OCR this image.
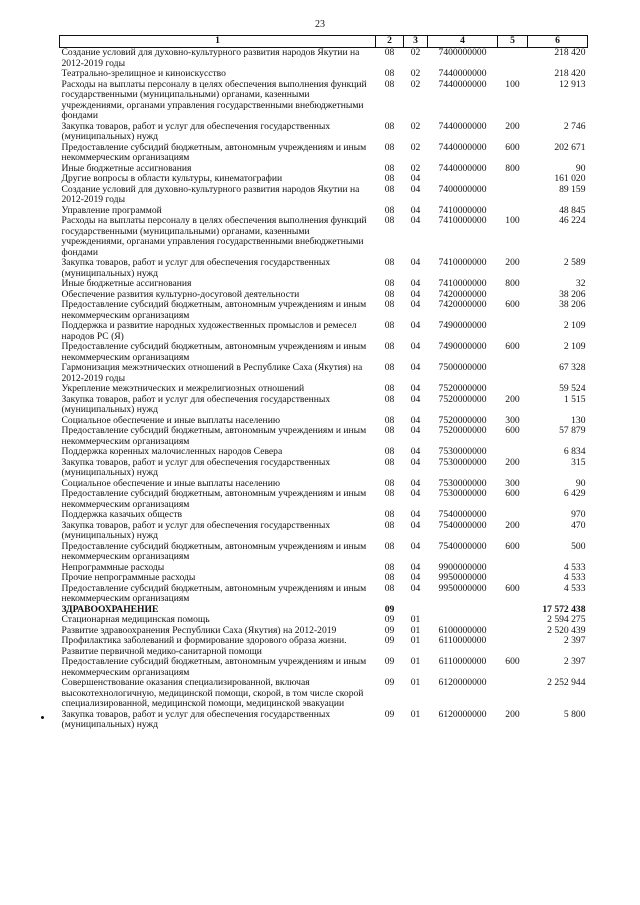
23
1	2	3	4	5	6
Создание условий для духовно-культурного развития народов Якутии на 2012-2019 годы	08	02	7400000000		218 420
Театрально-зрелищное и киноискусство	08	02	7440000000		218 420
Расходы на выплаты персоналу в целях обеспечения выполнения функций государственными (муниципальными) органами, казенными учреждениями, органами управления государственными внебюджетными фондами	08	02	7440000000	100	12 913
Закупка товаров, работ и услуг для обеспечения государственных (муниципальных) нужд	08	02	7440000000	200	2 746
Предоставление субсидий бюджетным, автономным учреждениям и иным некоммерческим организациям	08	02	7440000000	600	202 671
Иные бюджетные ассигнования	08	02	7440000000	800	90
Другие вопросы в области культуры, кинематографии	08	04			161 020
Создание условий для духовно-культурного развития народов Якутии на 2012-2019 годы	08	04	7400000000		89 159
Управление программой	08	04	7410000000		48 845
Расходы на выплаты персоналу в целях обеспечения выполнения функций государственными (муниципальными) органами, казенными учреждениями, органами управления государственными внебюджетными фондами	08	04	7410000000	100	46 224
Закупка товаров, работ и услуг для обеспечения государственных (муниципальных) нужд	08	04	7410000000	200	2 589
Иные бюджетные ассигнования	08	04	7410000000	800	32
Обеспечение развития культурно-досуговой деятельности	08	04	7420000000		38 206
Предоставление субсидий бюджетным, автономным учреждениям и иным некоммерческим организациям	08	04	7420000000	600	38 206
Поддержка и развитие народных художественных промыслов и ремесел народов РС (Я)	08	04	7490000000		2 109
Предоставление субсидий бюджетным, автономным учреждениям и иным некоммерческим организациям	08	04	7490000000	600	2 109
Гармонизация межэтнических отношений в Республике Саха (Якутия) на 2012-2019 годы	08	04	7500000000		67 328
Укрепление межэтнических и межрелигиозных отношений	08	04	7520000000		59 524
Закупка товаров, работ и услуг для обеспечения государственных (муниципальных) нужд	08	04	7520000000	200	1 515
Социальное обеспечение и иные выплаты населению	08	04	7520000000	300	130
Предоставление субсидий бюджетным, автономным учреждениям и иным некоммерческим организациям	08	04	7520000000	600	57 879
Поддержка коренных малочисленных народов Севера	08	04	7530000000		6 834
Закупка товаров, работ и услуг для обеспечения государственных (муниципальных) нужд	08	04	7530000000	200	315
Социальное обеспечение и иные выплаты населению	08	04	7530000000	300	90
Предоставление субсидий бюджетным, автономным учреждениям и иным некоммерческим организациям	08	04	7530000000	600	6 429
Поддержка казачьих обществ	08	04	7540000000		970
Закупка товаров, работ и услуг для обеспечения государственных (муниципальных) нужд	08	04	7540000000	200	470
Предоставление субсидий бюджетным, автономным учреждениям и иным некоммерческим организациям	08	04	7540000000	600	500
Непрограммные расходы	08	04	9900000000		4 533
Прочие непрограммные расходы	08	04	9950000000		4 533
Предоставление субсидий бюджетным, автономным учреждениям и иным некоммерческим организациям	08	04	9950000000	600	4 533
ЗДРАВООХРАНЕНИЕ	09				17 572 438
Стационарная медицинская помощь	09	01			2 594 275
Развитие здравоохранения Республики Саха (Якутия) на 2012-2019	09	01	6100000000		2 520 439
Профилактика заболеваний и формирование здорового образа жизни. Развитие первичной медико-санитарной помощи	09	01	6110000000		2 397
Предоставление субсидий бюджетным, автономным учреждениям и иным некоммерческим организациям	09	01	6110000000	600	2 397
Совершенствование оказания специализированной, включая высокотехнологичную, медицинской помощи, скорой, в том числе скорой специализированной, медицинской помощи, медицинской эвакуации	09	01	6120000000		2 252 944
Закупка товаров, работ и услуг для обеспечения государственных (муниципальных) нужд	09	01	6120000000	200	5 800
